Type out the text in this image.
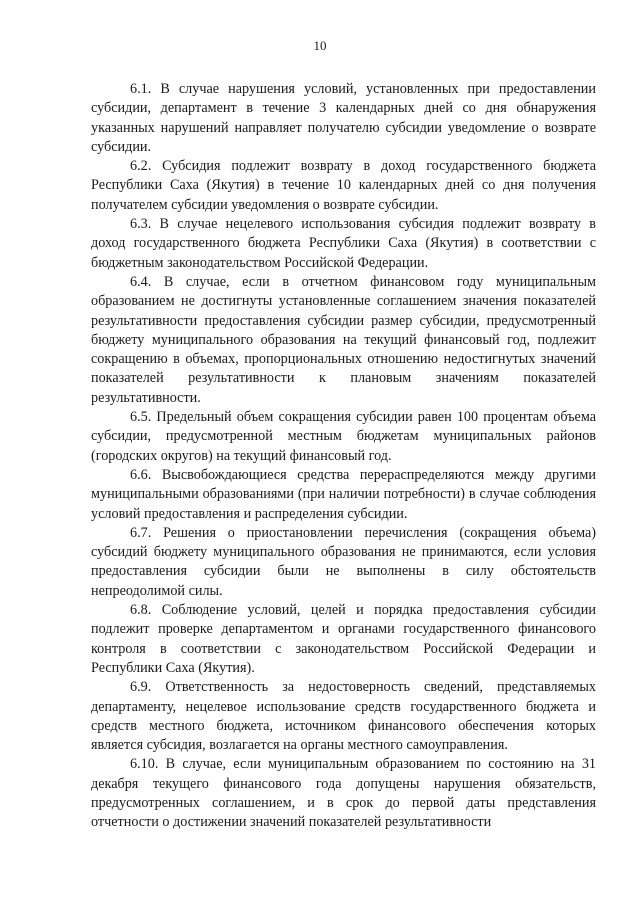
10

6.1. В случае нарушения условий, установленных при предоставлении субсидии, департамент в течение 3 календарных дней со дня обнаружения указанных нарушений направляет получателю субсидии уведомление о возврате субсидии.

6.2. Субсидия подлежит возврату в доход государственного бюджета Республики Саха (Якутия) в течение 10 календарных дней со дня получения получателем субсидии уведомления о возврате субсидии.

6.3. В случае нецелевого использования субсидия подлежит возврату в доход государственного бюджета Республики Саха (Якутия) в соответствии с бюджетным законодательством Российской Федерации.

6.4. В случае, если в отчетном финансовом году муниципальным образованием не достигнуты установленные соглашением значения показателей результативности предоставления субсидии размер субсидии, предусмотренный бюджету муниципального образования на текущий финансовый год, подлежит сокращению в объемах, пропорциональных отношению недостигнутых значений показателей результативности к плановым значениям показателей результативности.

6.5. Предельный объем сокращения субсидии равен 100 процентам объема субсидии, предусмотренной местным бюджетам муниципальных районов (городских округов) на текущий финансовый год.

6.6. Высвобождающиеся средства перераспределяются между другими муниципальными образованиями (при наличии потребности) в случае соблюдения условий предоставления и распределения субсидии.

6.7. Решения о приостановлении перечисления (сокращения объема) субсидий бюджету муниципального образования не принимаются, если условия предоставления субсидии были не выполнены в силу обстоятельств непреодолимой силы.

6.8. Соблюдение условий, целей и порядка предоставления субсидии подлежит проверке департаментом и органами государственного финансового контроля в соответствии с законодательством Российской Федерации и Республики Саха (Якутия).

6.9. Ответственность за недостоверность сведений, представляемых департаменту, нецелевое использование средств государственного бюджета и средств местного бюджета, источником финансового обеспечения которых является субсидия, возлагается на органы местного самоуправления.

6.10. В случае, если муниципальным образованием по состоянию на 31 декабря текущего финансового года допущены нарушения обязательств, предусмотренных соглашением, и в срок до первой даты представления отчетности о достижении значений показателей результативности
